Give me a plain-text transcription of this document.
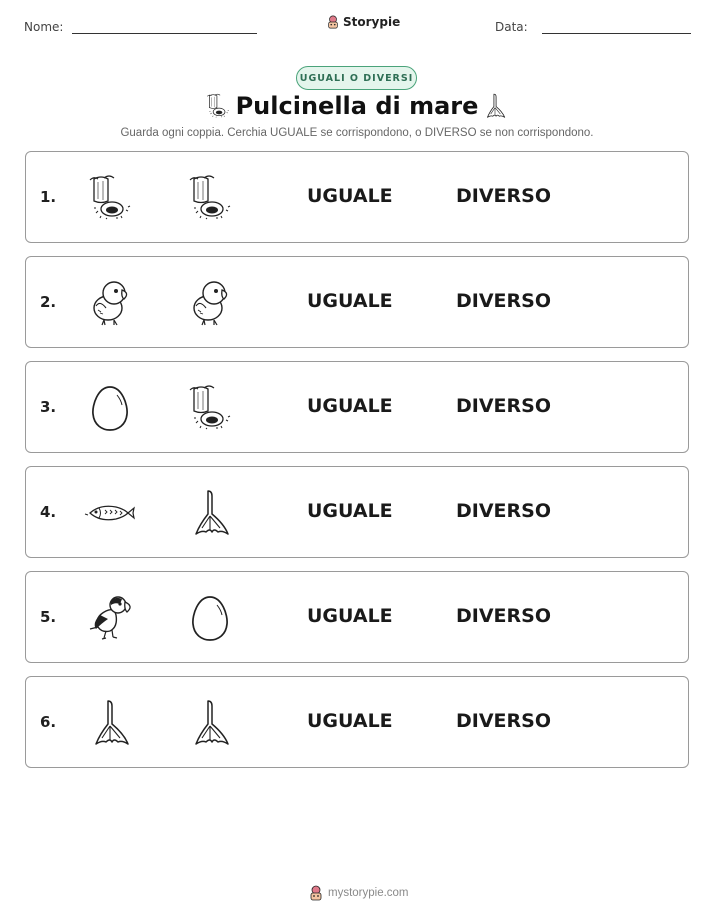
Nome:	Storypie	Data:
UGUALI O DIVERSI
Pulcinella di mare
Guarda ogni coppia. Cerchia UGUALE se corrispondono, o DIVERSO se non corrispondono.
1.	UGUALE	DIVERSO
2.	UGUALE	DIVERSO
3.	UGUALE	DIVERSO
4.	UGUALE	DIVERSO
5.	UGUALE	DIVERSO
6.	UGUALE	DIVERSO
mystorypie.com
